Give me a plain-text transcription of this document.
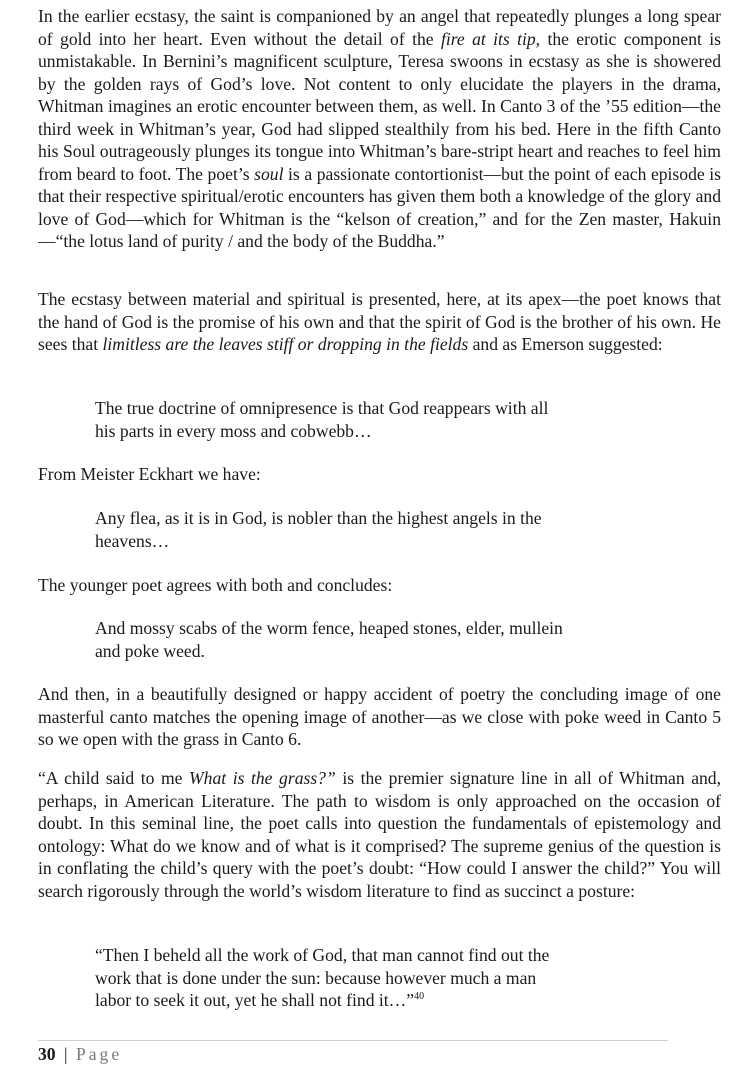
In the earlier ecstasy, the saint is companioned by an angel that repeatedly plunges a long spear of gold into her heart. Even without the detail of the fire at its tip, the erotic component is unmistakable. In Bernini’s magnificent sculpture, Teresa swoons in ecstasy as she is showered by the golden rays of God’s love. Not content to only elucidate the players in the drama, Whitman imagines an erotic encounter between them, as well. In Canto 3 of the ’55 edition—the third week in Whitman’s year, God had slipped stealthily from his bed. Here in the fifth Canto his Soul outrageously plunges its tongue into Whitman’s bare-stript heart and reaches to feel him from beard to foot. The poet’s soul is a passionate contortionist—but the point of each episode is that their respective spiritual/erotic encounters has given them both a knowledge of the glory and love of God—which for Whitman is the “kelson of creation,” and for the Zen master, Hakuin—“the lotus land of purity / and the body of the Buddha.”

The ecstasy between material and spiritual is presented, here, at its apex—the poet knows that the hand of God is the promise of his own and that the spirit of God is the brother of his own. He sees that limitless are the leaves stiff or dropping in the fields and as Emerson suggested:

The true doctrine of omnipresence is that God reappears with all
his parts in every moss and cobwebb…

From Meister Eckhart we have:

Any flea, as it is in God, is nobler than the highest angels in the
heavens…

The younger poet agrees with both and concludes:

And mossy scabs of the worm fence, heaped stones, elder, mullein
and poke weed.

And then, in a beautifully designed or happy accident of poetry the concluding image of one masterful canto matches the opening image of another—as we close with poke weed in Canto 5 so we open with the grass in Canto 6.

“A child said to me What is the grass?” is the premier signature line in all of Whitman and, perhaps, in American Literature. The path to wisdom is only approached on the occasion of doubt. In this seminal line, the poet calls into question the fundamentals of epistemology and ontology: What do we know and of what is it comprised? The supreme genius of the question is in conflating the child’s query with the poet’s doubt: “How could I answer the child?” You will search rigorously through the world’s wisdom literature to find as succinct a posture:

“Then I beheld all the work of God, that man cannot find out the
work that is done under the sun: because however much a man
labor to seek it out, yet he shall not find it…”$^{40}$
30 | Page
